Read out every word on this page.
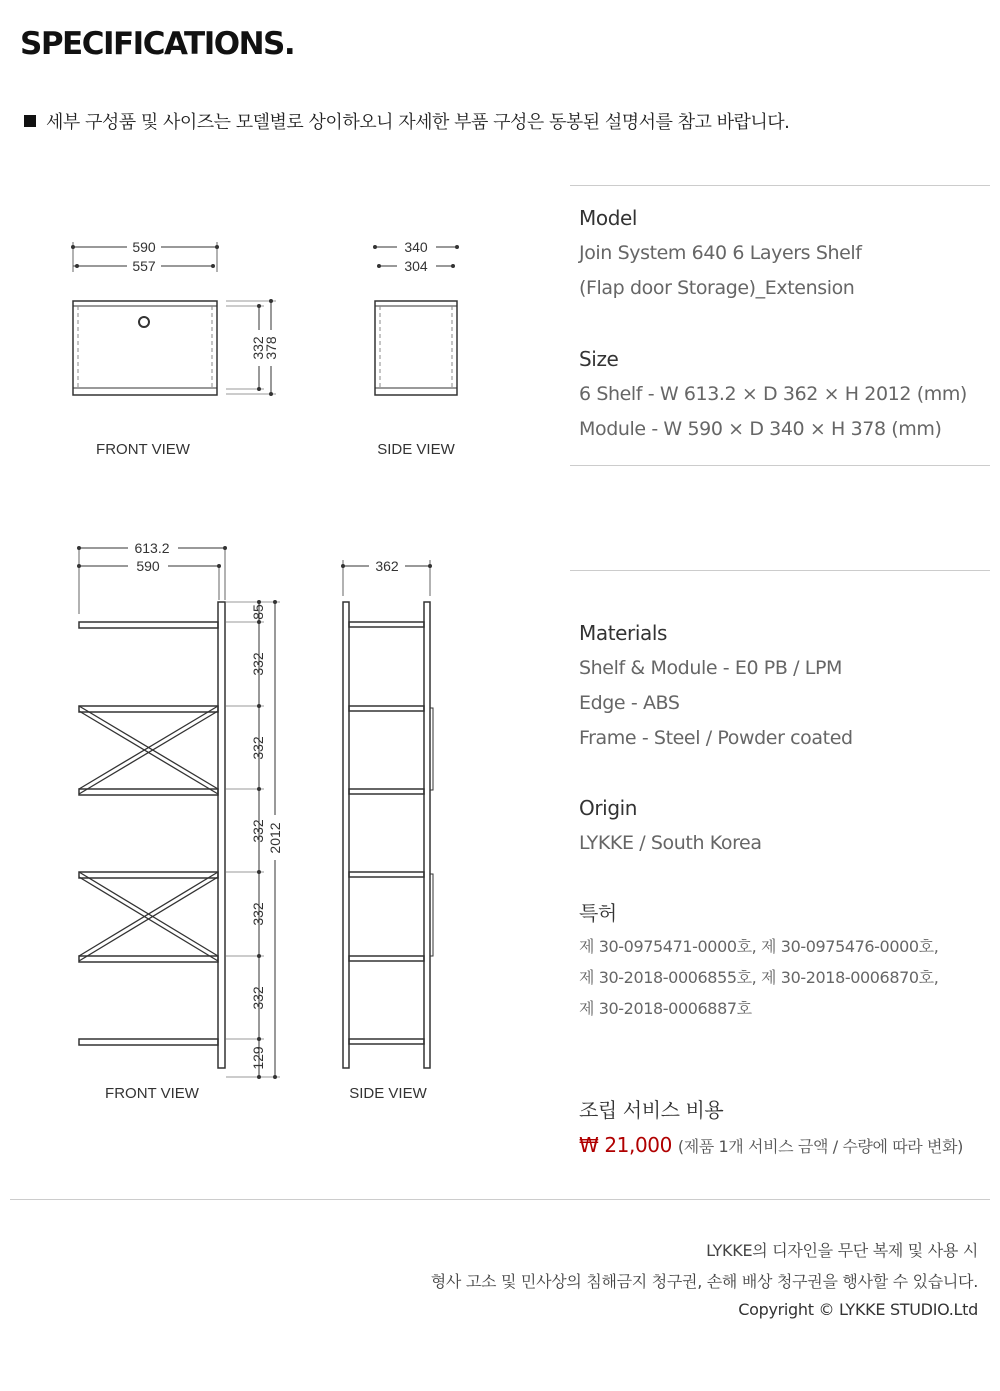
SPECIFICATIONS.
세부 구성품 및 사이즈는 모델별로 상이하오니 자세한 부품 구성은 동봉된 설명서를 참고 바랍니다.
590
557
332
378
FRONT VIEW
340
304
SIDE VIEW
613.2
590
85
332
332
332
332
332
129
2012
FRONT VIEW
362
SIDE VIEW
Model
Join System 640 6 Layers Shelf
(Flap door Storage)_Extension
Size
6 Shelf - W 613.2 × D 362 × H 2012 (mm)
Module - W 590 × D 340 × H 378 (mm)
Materials
Shelf & Module - E0 PB / LPM
Edge - ABS
Frame - Steel / Powder coated
Origin
LYKKE / South Korea
특허
제 30-0975471-0000호, 제 30-0975476-0000호,
제 30-2018-0006855호, 제 30-2018-0006870호,
제 30-2018-0006887호
조립 서비스 비용
₩ 21,000 (제품 1개 서비스 금액 / 수량에 따라 변화)
LYKKE의 디자인을 무단 복제 및 사용 시
형사 고소 및 민사상의 침해금지 청구권, 손해 배상 청구권을 행사할 수 있습니다.
Copyright © LYKKE STUDIO.Ltd
